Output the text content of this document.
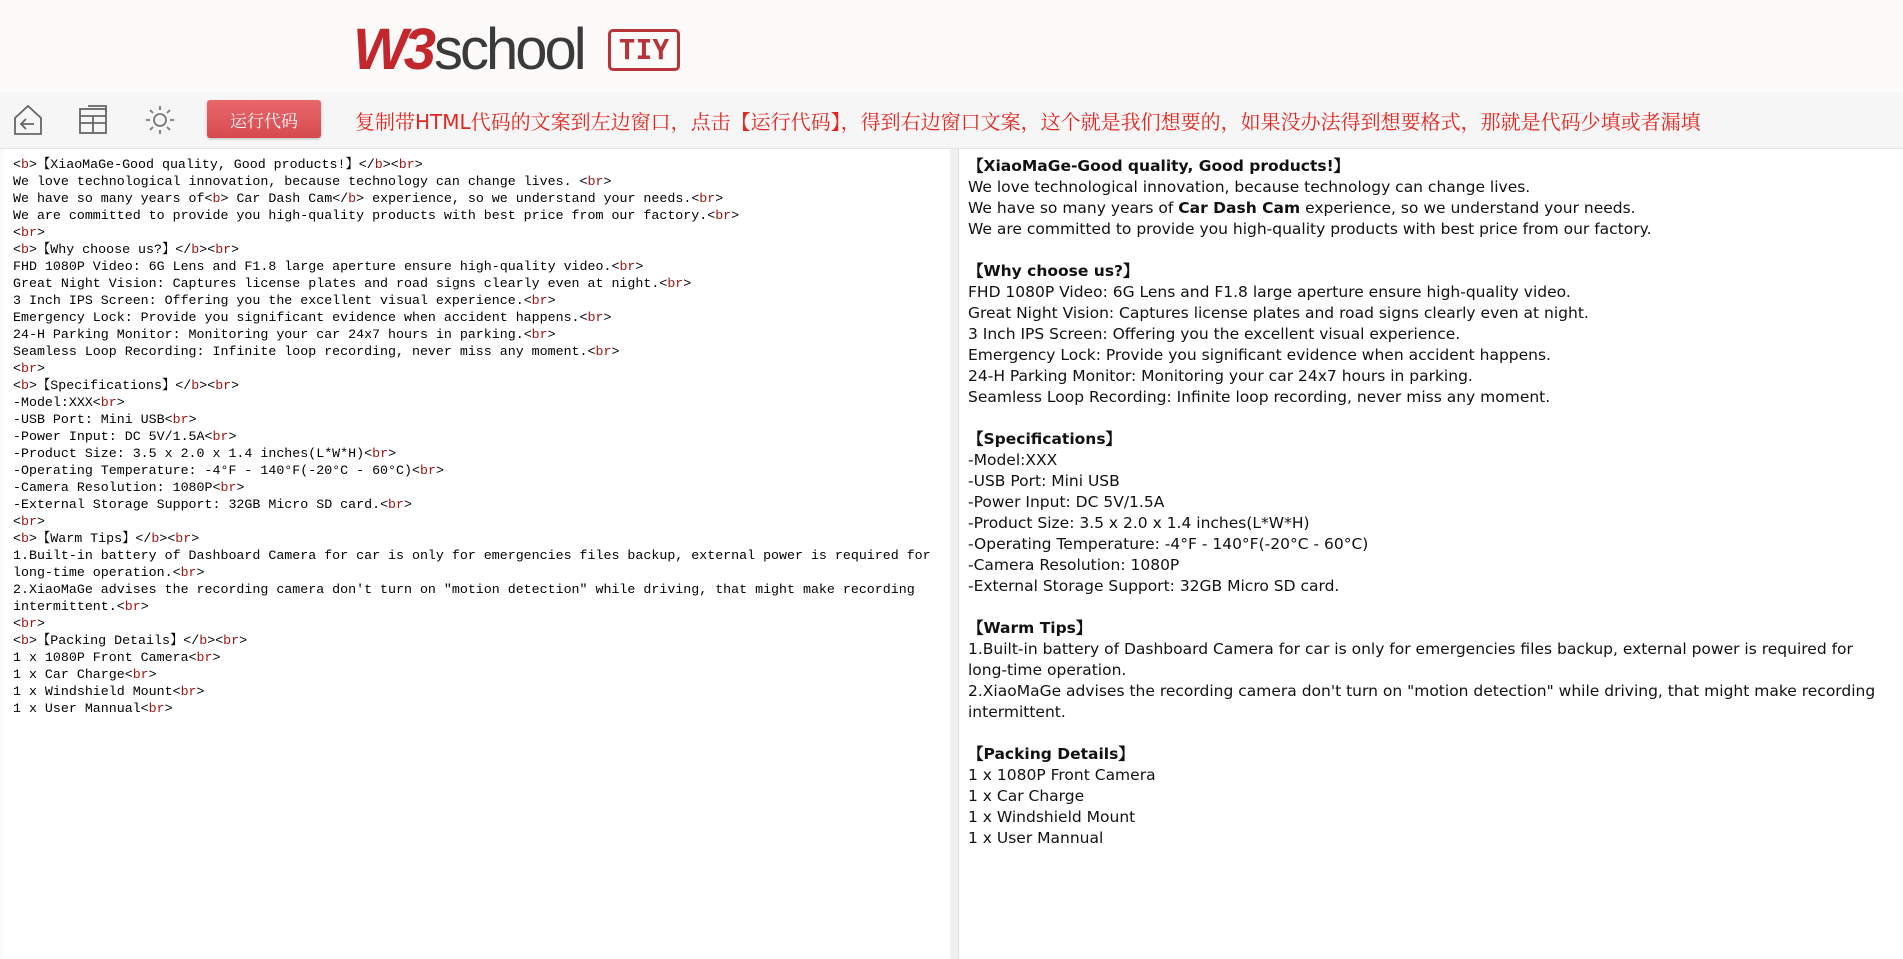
W3 school	TIY
运行代码	复制带HTML代码的文案到左边窗口，点击【运行代码】，得到右边窗口文案，这个就是我们想要的，如果没办法得到想要格式，那就是代码少填或者漏填
<b>【XiaoMaGe-Good quality, Good products!】</b><br>
We love technological innovation, because technology can change lives. <br>
We have so many years of<b> Car Dash Cam</b> experience, so we understand your needs.<br>
We are committed to provide you high-quality products with best price from our factory.<br>
<br>
<b>【Why choose us?】</b><br>
FHD 1080P Video: 6G Lens and F1.8 large aperture ensure high-quality video.<br>
Great Night Vision: Captures license plates and road signs clearly even at night.<br>
3 Inch IPS Screen: Offering you the excellent visual experience.<br>
Emergency Lock: Provide you significant evidence when accident happens.<br>
24-H Parking Monitor: Monitoring your car 24x7 hours in parking.<br>
Seamless Loop Recording: Infinite loop recording, never miss any moment.<br>
<br>
<b>【Specifications】</b><br>
-Model:XXX<br>
-USB Port: Mini USB<br>
-Power Input: DC 5V/1.5A<br>
-Product Size: 3.5 x 2.0 x 1.4 inches(L*W*H)<br>
-Operating Temperature: -4°F - 140°F(-20°C - 60°C)<br>
-Camera Resolution: 1080P<br>
-External Storage Support: 32GB Micro SD card.<br>
<br>
<b>【Warm Tips】</b><br>
1.Built-in battery of Dashboard Camera for car is only for emergencies files backup, external power is required for long-time operation.<br>
2.XiaoMaGe advises the recording camera don't turn on "motion detection" while driving, that might make recording intermittent.<br>
<br>
<b>【Packing Details】</b><br>
1 x 1080P Front Camera<br>
1 x Car Charge<br>
1 x Windshield Mount<br>
1 x User Mannual<br>
【XiaoMaGe-Good quality, Good products!】
We love technological innovation, because technology can change lives.
We have so many years of Car Dash Cam experience, so we understand your needs.
We are committed to provide you high-quality products with best price from our factory.
【Why choose us?】
FHD 1080P Video: 6G Lens and F1.8 large aperture ensure high-quality video.
Great Night Vision: Captures license plates and road signs clearly even at night.
3 Inch IPS Screen: Offering you the excellent visual experience.
Emergency Lock: Provide you significant evidence when accident happens.
24-H Parking Monitor: Monitoring your car 24x7 hours in parking.
Seamless Loop Recording: Infinite loop recording, never miss any moment.
【Specifications】
-Model:XXX
-USB Port: Mini USB
-Power Input: DC 5V/1.5A
-Product Size: 3.5 x 2.0 x 1.4 inches(L*W*H)
-Operating Temperature: -4°F - 140°F(-20°C - 60°C)
-Camera Resolution: 1080P
-External Storage Support: 32GB Micro SD card.
【Warm Tips】
1.Built-in battery of Dashboard Camera for car is only for emergencies files backup, external power is required for long-time operation.
2.XiaoMaGe advises the recording camera don't turn on "motion detection" while driving, that might make recording intermittent.
【Packing Details】
1 x 1080P Front Camera
1 x Car Charge
1 x Windshield Mount
1 x User Mannual
